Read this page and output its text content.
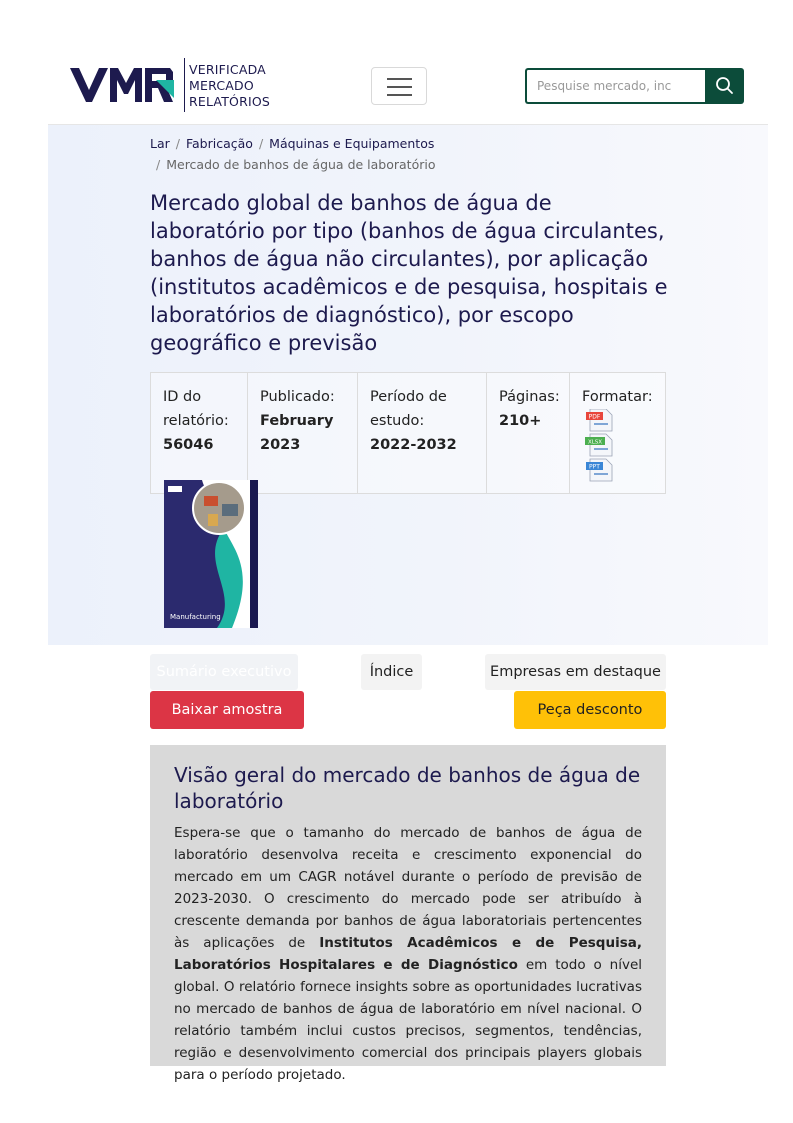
VERIFICADA
MERCADO
RELATÓRIOS
Pesquise mercado, inc
Lar / Fabricação / Máquinas e Equipamentos
/ Mercado de banhos de água de laboratório
Mercado global de banhos de água de laboratório por tipo (banhos de água circulantes, banhos de água não circulantes), por aplicação (institutos acadêmicos e de pesquisa, hospitais e laboratórios de diagnóstico), por escopo geográfico e previsão
ID do relatório:
56046
Publicado:
February 2023
Período de estudo: 2022-2032
Páginas:
210+
Formatar:
PDF
XLSX
PPT
Manufacturing
Sumário executivo	Índice	Empresas em destaque
Baixar amostra	Peça desconto
Visão geral do mercado de banhos de água de laboratório

Espera-se que o tamanho do mercado de banhos de água de laboratório desenvolva receita e crescimento exponencial do mercado em um CAGR notável durante o período de previsão de 2023-2030. O crescimento do mercado pode ser atribuído à crescente demanda por banhos de água laboratoriais pertencentes às aplicações de Institutos Acadêmicos e de Pesquisa, Laboratórios Hospitalares e de Diagnóstico em todo o nível global. O relatório fornece insights sobre as oportunidades lucrativas no mercado de banhos de água de laboratório em nível nacional. O relatório também inclui custos precisos, segmentos, tendências, região e desenvolvimento comercial dos principais players globais para o período projetado.
